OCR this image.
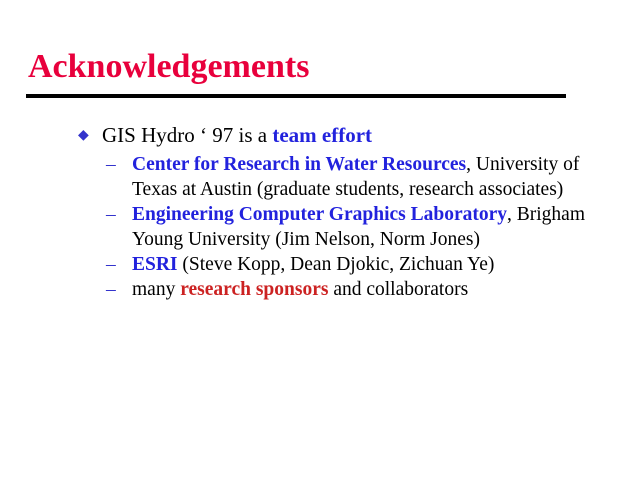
Acknowledgements
◆ GIS Hydro ‘ 97 is a team effort
– Center for Research in Water Resources, University of Texas at Austin (graduate students, research associates)
– Engineering Computer Graphics Laboratory, Brigham Young University (Jim Nelson, Norm Jones)
– ESRI (Steve Kopp, Dean Djokic, Zichuan Ye)
– many research sponsors and collaborators
